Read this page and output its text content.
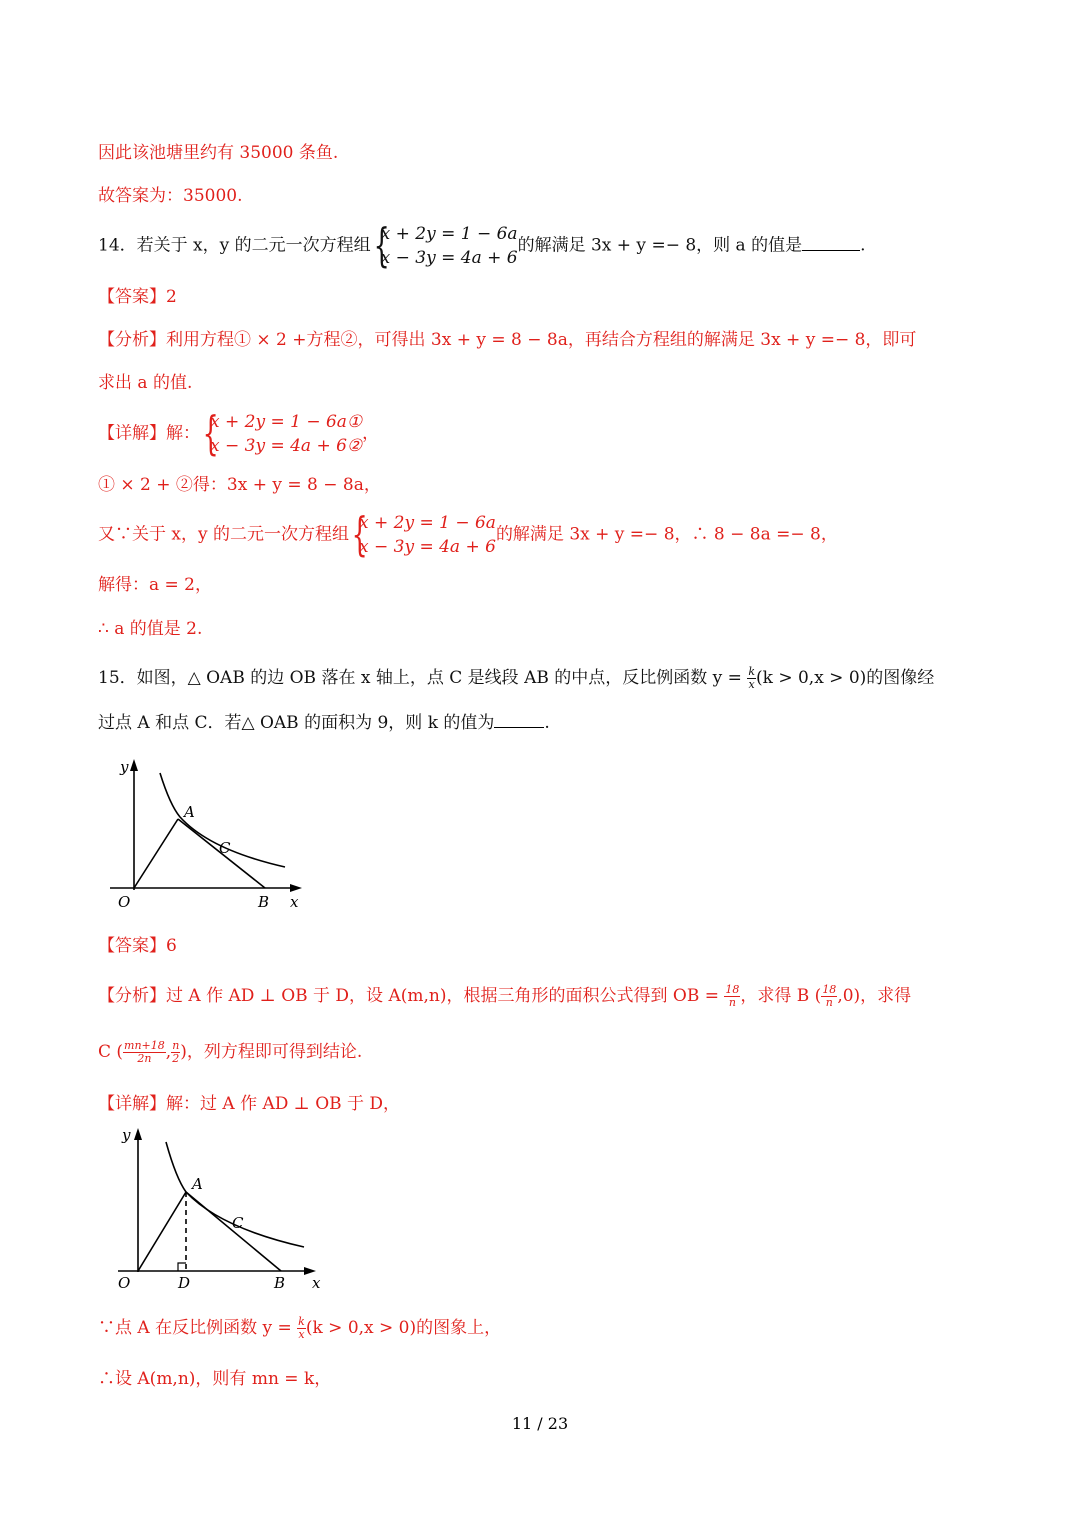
因此该池塘里约有 35000 条鱼.
故答案为：35000.
14．若关于 x，y 的二元一次方程组
{ x + 2y = 1 − 6a
x − 3y = 4a + 6
的解满足 3x + y =− 8，则 a 的值是	.
【答案】2
【分析】利用方程① × 2 +方程②，可得出 3x + y = 8 − 8a，再结合方程组的解满足 3x + y =− 8，即可
求出 a 的值.
【详解】解：
{ x + 2y = 1 − 6a①
x − 3y = 4a + 6②
，
① × 2 + ②得：3x + y = 8 − 8a，
又∵关于 x，y 的二元一次方程组
{ x + 2y = 1 − 6a
x − 3y = 4a + 6
的解满足 3x + y =− 8，∴ 8 − 8a =− 8，
解得：a = 2，
∴ a 的值是 2.
15．如图，△ OAB 的边 OB 落在 x 轴上，点 C 是线段 AB 的中点，反比例函数 $y = \frac{k}{x} (k > 0,x > 0)$的图像经
过点 A 和点 C．若△ OAB 的面积为 9，则 k 的值为	.
y
A
C
O	B x
【答案】6
【分析】过 A 作 AD ⊥ OB 于 D，设 A(m,n)，根据三角形的面积公式得到 OB = $\frac{18}{n}$ ，求得 B ( $\frac{18}{n} ,0$)，求得
C ( $\frac{mn+18}{2n}$ , $\frac{n}{2}$ )，列方程即可得到结论.
【详解】解：过 A 作 AD ⊥ OB 于 D，
y
A
C
O	D	B x
∵点 A 在反比例函数 $y = \frac{k}{x} (k > 0,x > 0)$的图象上，
∴设 A(m,n)，则有 mn = k，
11 / 23
